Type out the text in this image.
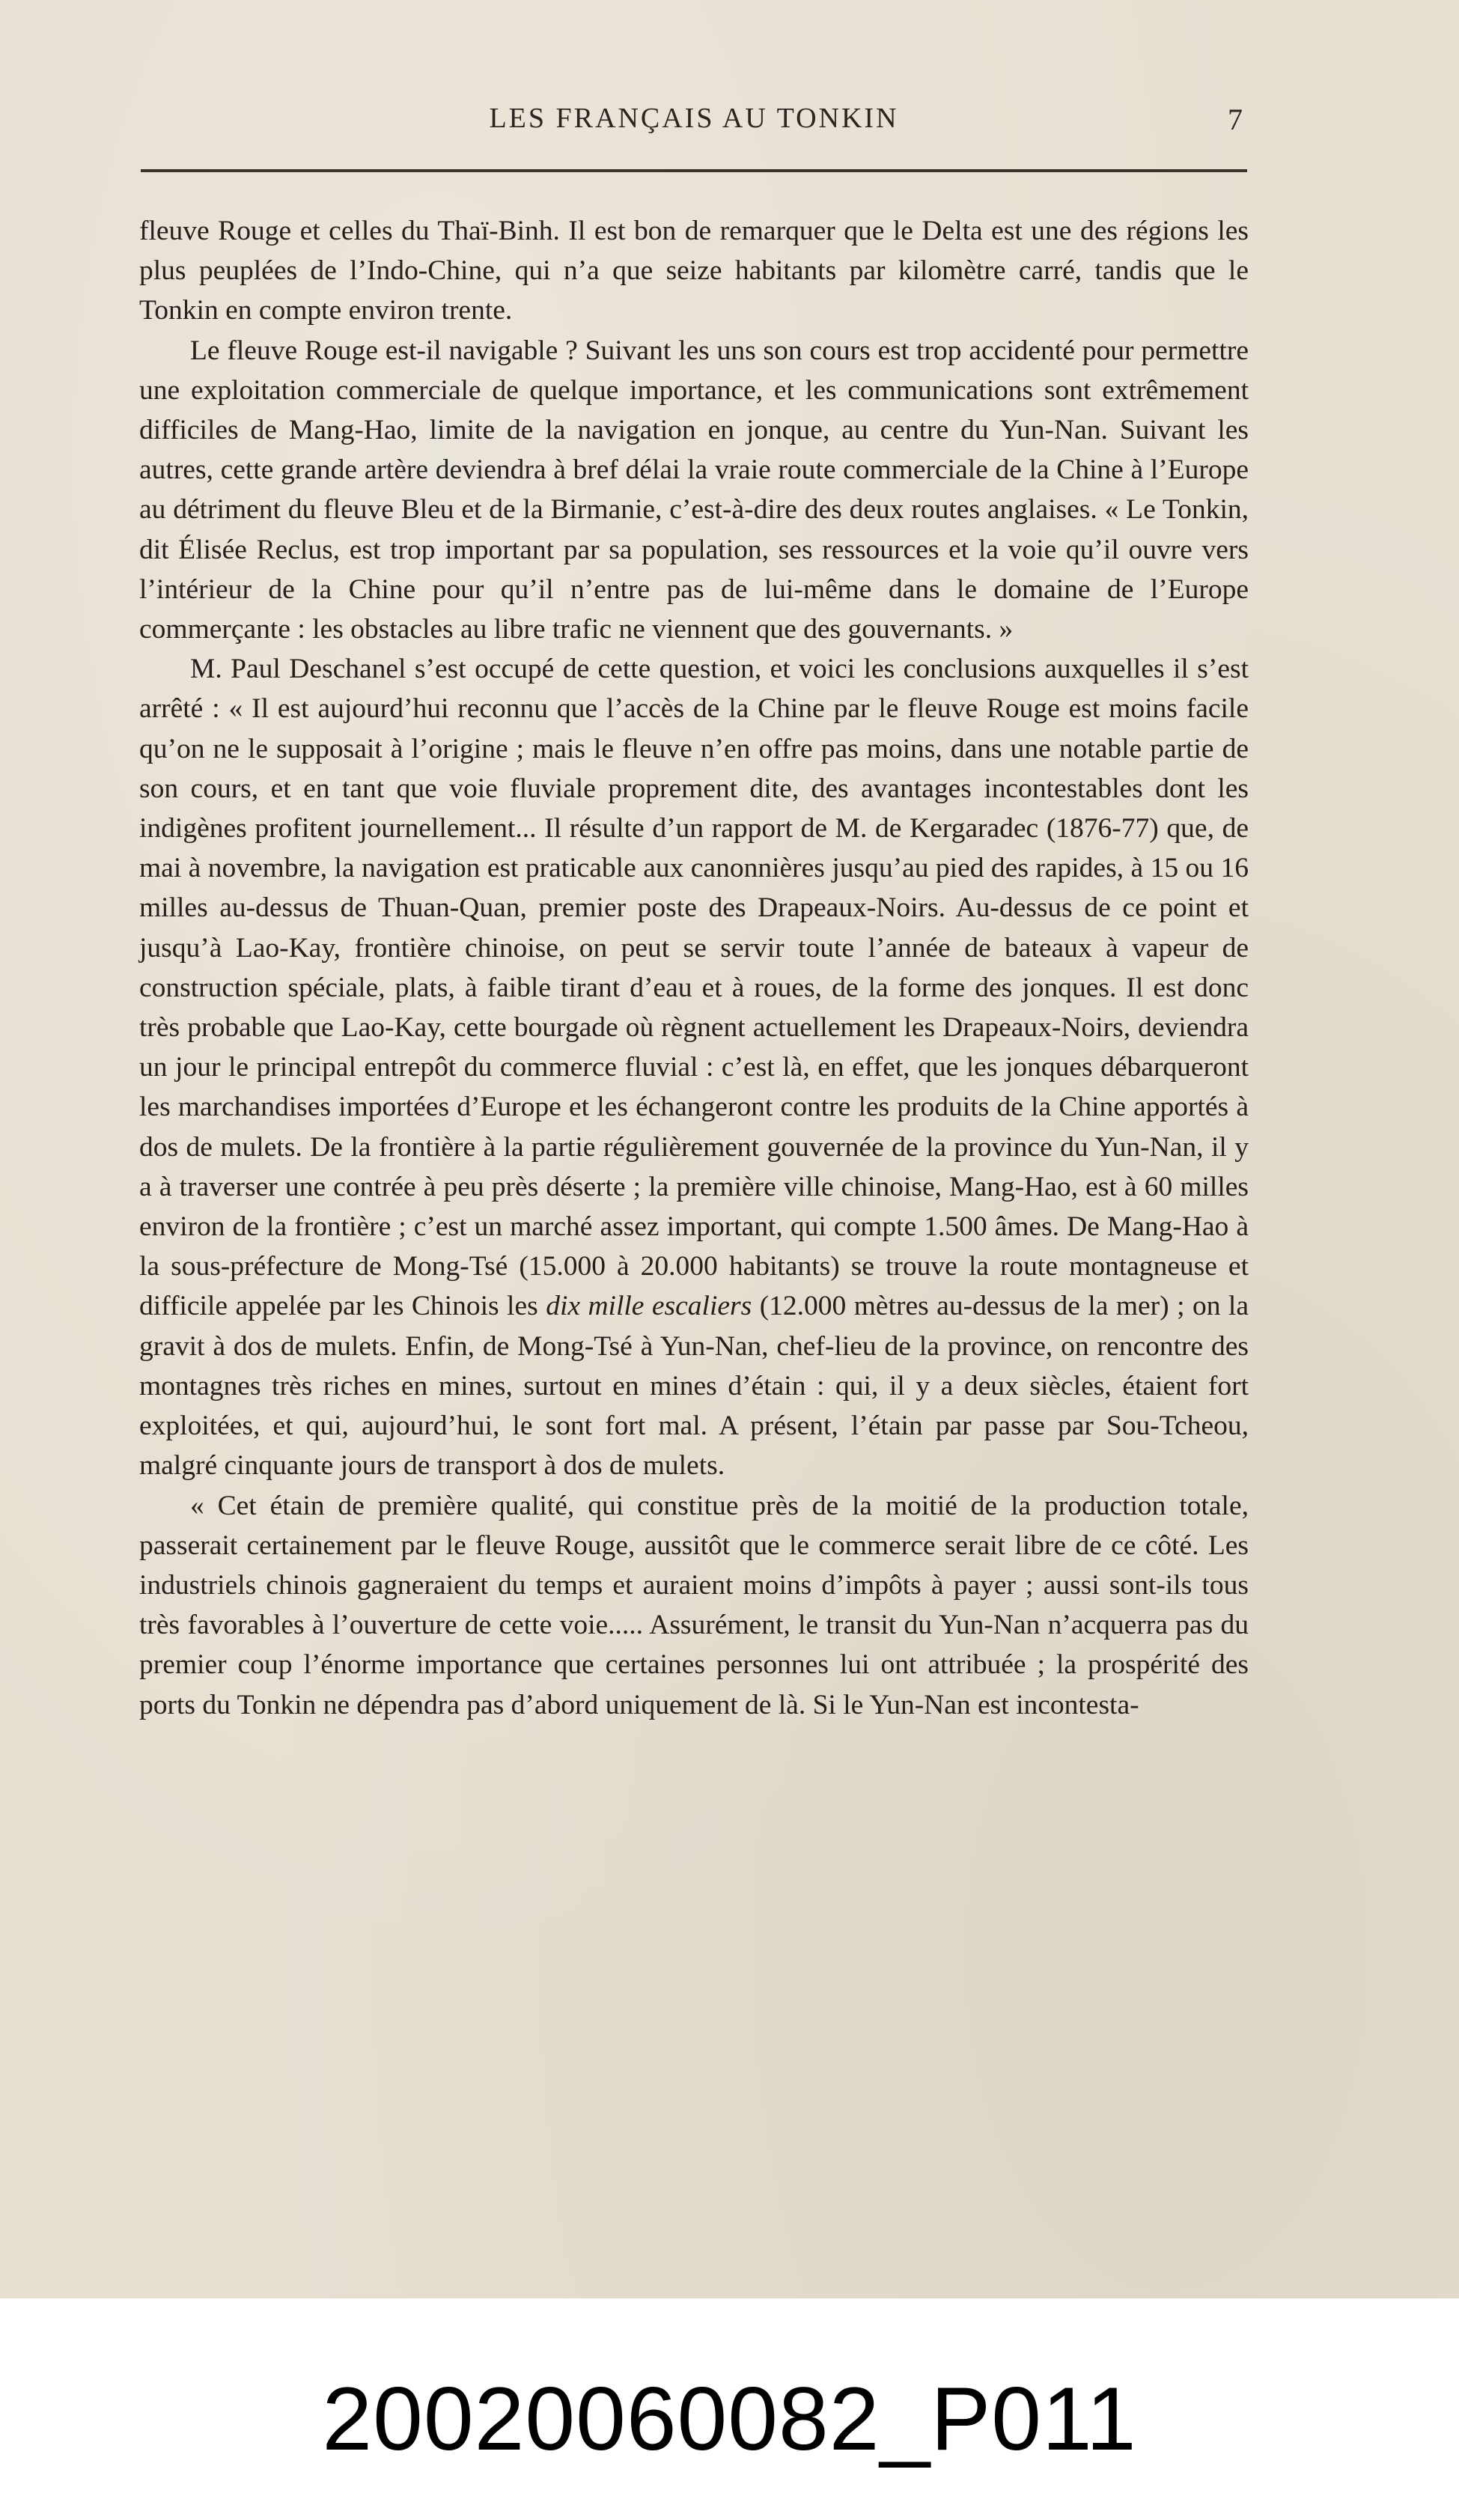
LES FRANÇAIS AU TONKIN	7

fleuve Rouge et celles du Thaï-Binh. Il est bon de remarquer que le Delta est une des régions les plus peuplées de l’Indo-Chine, qui n’a que seize habitants par kilomètre carré, tandis que le Tonkin en compte environ trente.

Le fleuve Rouge est-il navigable ? Suivant les uns son cours est trop accidenté pour permettre une exploitation commerciale de quelque importance, et les communications sont extrêmement difficiles de Mang-Hao, limite de la navigation en jonque, au centre du Yun-Nan. Suivant les autres, cette grande artère deviendra à bref délai la vraie route commerciale de la Chine à l’Europe au détriment du fleuve Bleu et de la Birmanie, c’est-à-dire des deux routes anglaises. « Le Tonkin, dit Élisée Reclus, est trop important par sa population, ses ressources et la voie qu’il ouvre vers l’intérieur de la Chine pour qu’il n’entre pas de lui-même dans le domaine de l’Europe commerçante : les obstacles au libre trafic ne viennent que des gouvernants. »

M. Paul Deschanel s’est occupé de cette question, et voici les conclusions auxquelles il s’est arrêté : « Il est aujourd’hui reconnu que l’accès de la Chine par le fleuve Rouge est moins facile qu’on ne le supposait à l’origine ; mais le fleuve n’en offre pas moins, dans une notable partie de son cours, et en tant que voie fluviale proprement dite, des avantages incontestables dont les indigènes profitent journellement... Il résulte d’un rapport de M. de Kergaradec (1876-77) que, de mai à novembre, la navigation est praticable aux canonnières jusqu’au pied des rapides, à 15 ou 16 milles au-dessus de Thuan-Quan, premier poste des Drapeaux-Noirs. Au-dessus de ce point et jusqu’à Lao-Kay, frontière chinoise, on peut se servir toute l’année de bateaux à vapeur de construction spéciale, plats, à faible tirant d’eau et à roues, de la forme des jonques. Il est donc très probable que Lao-Kay, cette bourgade où règnent actuellement les Drapeaux-Noirs, deviendra un jour le principal entrepôt du commerce fluvial : c’est là, en effet, que les jonques débarqueront les marchandises importées d’Europe et les échangeront contre les produits de la Chine apportés à dos de mulets. De la frontière à la partie régulièrement gouvernée de la province du Yun-Nan, il y a à traverser une contrée à peu près déserte ; la première ville chinoise, Mang-Hao, est à 60 milles environ de la frontière ; c’est un marché assez important, qui compte 1.500 âmes. De Mang-Hao à la sous-préfecture de Mong-Tsé (15.000 à 20.000 habitants) se trouve la route montagneuse et difficile appelée par les Chinois les dix mille escaliers (12.000 mètres au-dessus de la mer) ; on la gravit à dos de mulets. Enfin, de Mong-Tsé à Yun-Nan, chef-lieu de la province, on rencontre des montagnes très riches en mines, surtout en mines d’étain : qui, il y a deux siècles, étaient fort exploitées, et qui, aujourd’hui, le sont fort mal. A présent, l’étain par passe par Sou-Tcheou, malgré cinquante jours de transport à dos de mulets.

« Cet étain de première qualité, qui constitue près de la moitié de la production totale, passerait certainement par le fleuve Rouge, aussitôt que le commerce serait libre de ce côté. Les industriels chinois gagneraient du temps et auraient moins d’impôts à payer ; aussi sont-ils tous très favorables à l’ouverture de cette voie..... Assurément, le transit du Yun-Nan n’acquerra pas du premier coup l’énorme importance que certaines personnes lui ont attribuée ; la prospérité des ports du Tonkin ne dépendra pas d’abord uniquement de là. Si le Yun-Nan est incontesta-

20020060082_P011
